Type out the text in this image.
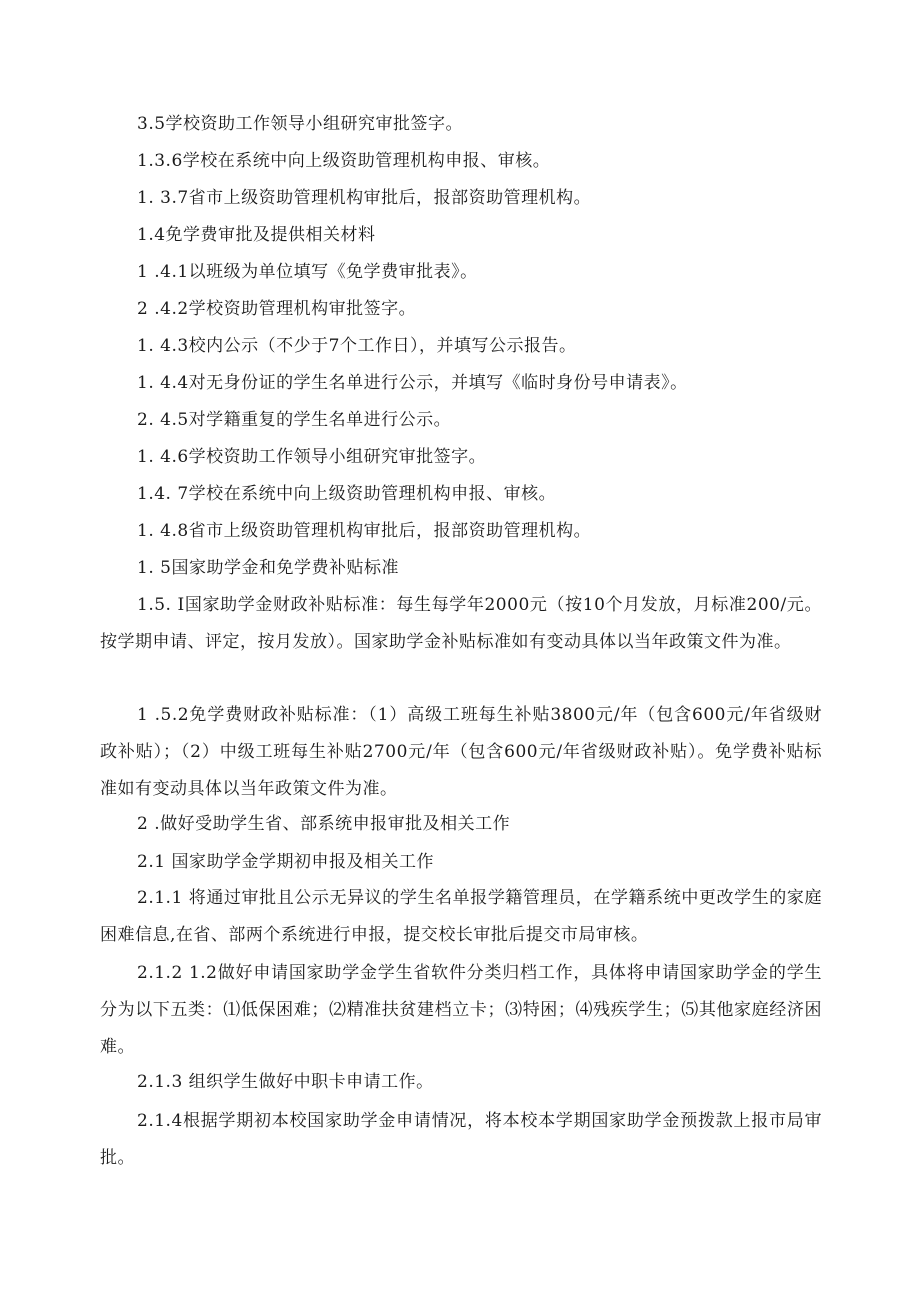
3.5学校资助工作领导小组研究审批签字。
1.3.6学校在系统中向上级资助管理机构申报、审核。
1. 3.7省市上级资助管理机构审批后，报部资助管理机构。
1.4免学费审批及提供相关材料
1 .4.1以班级为单位填写《免学费审批表》。
2 .4.2学校资助管理机构审批签字。
1. 4.3校内公示（不少于7个工作日），并填写公示报告。
1. 4.4对无身份证的学生名单进行公示，并填写《临时身份号申请表》。
2. 4.5对学籍重复的学生名单进行公示。
1. 4.6学校资助工作领导小组研究审批签字。
1.4. 7学校在系统中向上级资助管理机构申报、审核。
1. 4.8省市上级资助管理机构审批后，报部资助管理机构。
1. 5国家助学金和免学费补贴标准
1.5. I国家助学金财政补贴标准：每生每学年2000元（按10个月发放，月标准200/元。按学期申请、评定，按月发放）。国家助学金补贴标准如有变动具体以当年政策文件为准。
1 .5.2免学费财政补贴标准：（1）高级工班每生补贴3800元/年（包含600元/年省级财政补贴）；（2）中级工班每生补贴2700元/年（包含600元/年省级财政补贴）。免学费补贴标准如有变动具体以当年政策文件为准。
2 .做好受助学生省、部系统申报审批及相关工作
2.1 国家助学金学期初申报及相关工作
2.1.1 将通过审批且公示无异议的学生名单报学籍管理员，在学籍系统中更改学生的家庭困难信息,在省、部两个系统进行申报，提交校长审批后提交市局审核。
2.1.2 1.2做好申请国家助学金学生省软件分类归档工作，具体将申请国家助学金的学生分为以下五类：⑴低保困难；⑵精准扶贫建档立卡；⑶特困；⑷残疾学生；⑸其他家庭经济困难。
2.1.3 组织学生做好中职卡申请工作。
2.1.4根据学期初本校国家助学金申请情况，将本校本学期国家助学金预拨款上报市局审批。
